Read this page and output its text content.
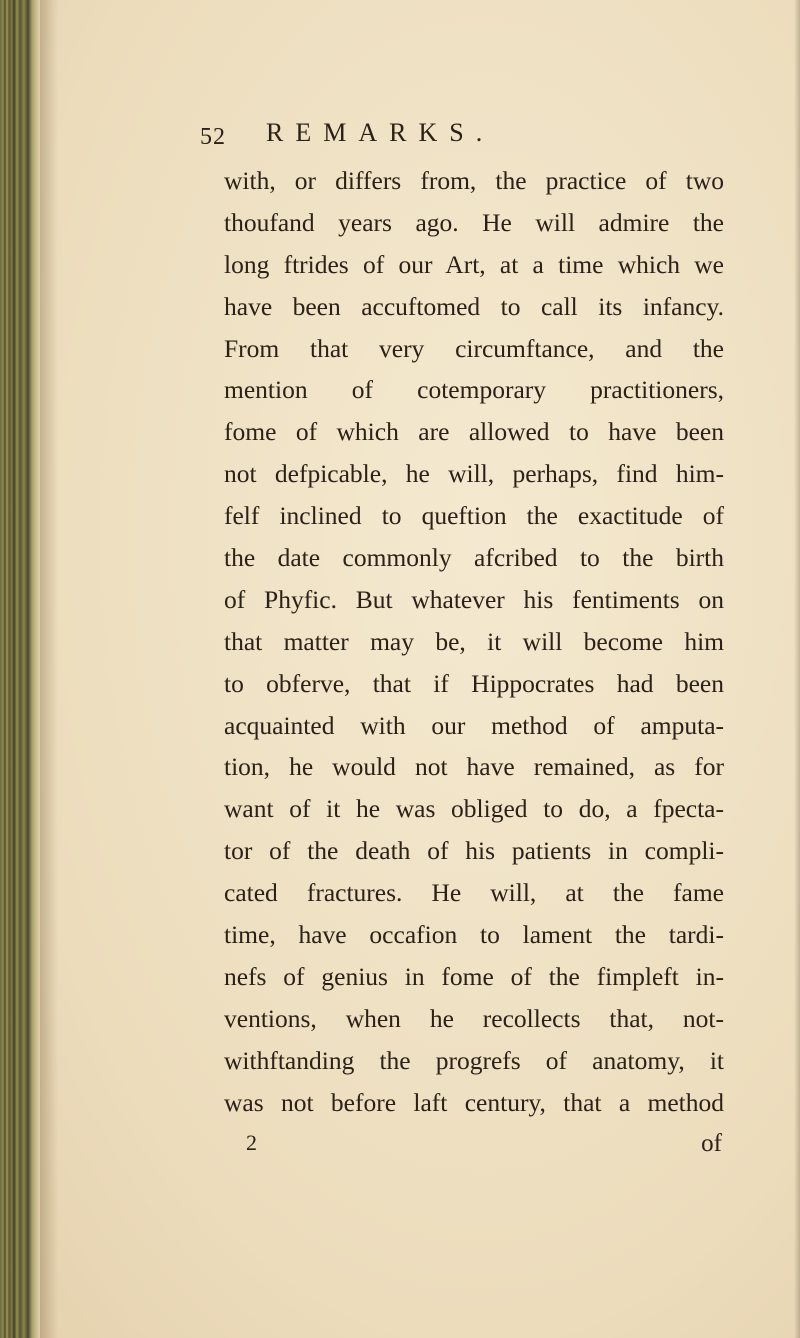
52 REMARKS.
with, or differs from, the practice of two
thoufand years ago. He will admire the
long ftrides of our Art, at a time which we
have been accuftomed to call its infancy.
From that very circumftance, and the
mention of cotemporary practitioners,
fome of which are allowed to have been
not defpicable, he will, perhaps, find him-
felf inclined to queftion the exactitude of
the date commonly afcribed to the birth
of Phyfic. But whatever his fentiments on
that matter may be, it will become him
to obferve, that if Hippocrates had been
acquainted with our method of amputa-
tion, he would not have remained, as for
want of it he was obliged to do, a fpecta-
tor of the death of his patients in compli-
cated fractures. He will, at the fame
time, have occafion to lament the tardi-
nefs of genius in fome of the fimpleft in-
ventions, when he recollects that, not-
withftanding the progrefs of anatomy, it
was not before laft century, that a method
2	of
